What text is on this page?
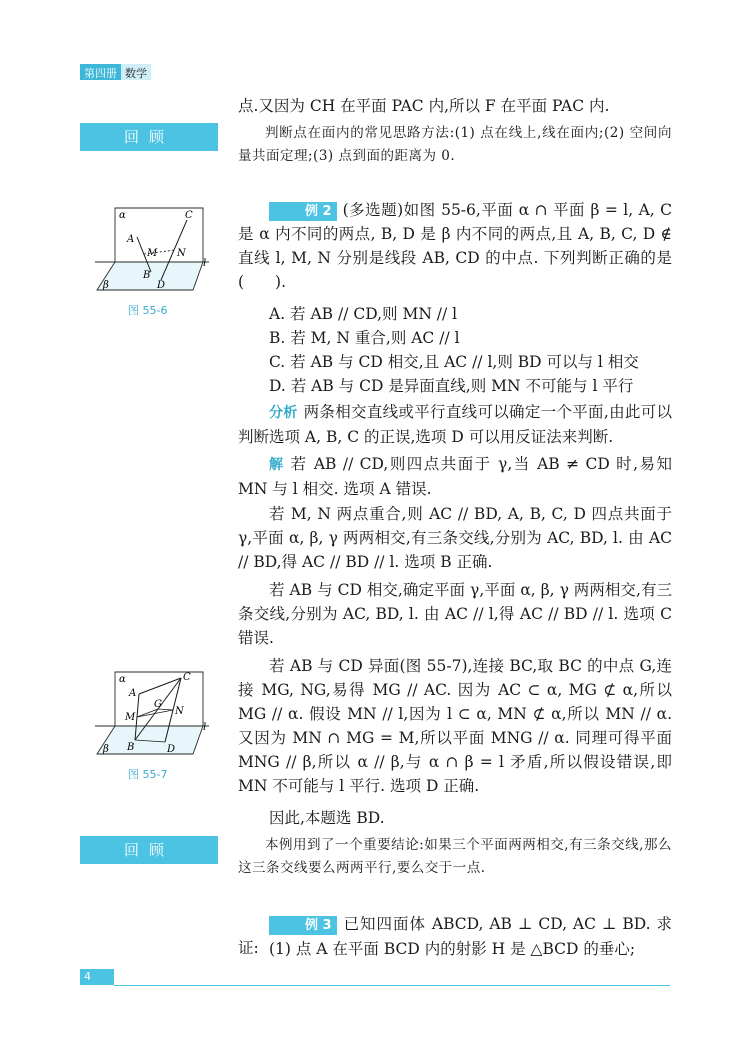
第四册 数学

点.又因为 CH 在平面 PAC 内,所以 F 在平面 PAC 内.

回顾	判断点在面内的常见思路方法:(1) 点在线上,线在面内;(2) 空间向量共面定理;(3) 点到面的距离为 0.

α
A
C
M N
l
B
D
β
图 55-6

例 2 (多选题)如图 55-6,平面 α ∩ 平面 β = l, A, C 是 α 内不同的两点, B, D 是 β 内不同的两点,且 A, B, C, D ∉ 直线 l, M, N 分别是线段 AB, CD 的中点. 下列判断正确的是(　　).

A. 若 AB // CD,则 MN // l

B. 若 M, N 重合,则 AC // l

C. 若 AB 与 CD 相交,且 AC // l,则 BD 可以与 l 相交

D. 若 AB 与 CD 是异面直线,则 MN 不可能与 l 平行

分析 两条相交直线或平行直线可以确定一个平面,由此可以判断选项 A, B, C 的正误,选项 D 可以用反证法来判断.

解 若 AB // CD,则四点共面于 γ,当 AB ≠ CD 时,易知 MN 与 l 相交. 选项 A 错误.

若 M, N 两点重合,则 AC // BD, A, B, C, D 四点共面于 γ,平面 α, β, γ 两两相交,有三条交线,分别为 AC, BD, l. 由 AC // BD,得 AC // BD // l. 选项 B 正确.

若 AB 与 CD 相交,确定平面 γ,平面 α, β, γ 两两相交,有三条交线,分别为 AC, BD, l. 由 AC // l,得 AC // BD // l. 选项 C 错误.

α
A
C
G
M
N
l
B	D
β
图 55-7

若 AB 与 CD 异面(图 55-7),连接 BC,取 BC 的中点 G,连接 MG, NG,易得 MG // AC. 因为 AC ⊂ α, MG ⊄ α,所以 MG // α. 假设 MN // l,因为 l ⊂ α, MN ⊄ α,所以 MN // α. 又因为 MN ∩ MG = M,所以平面 MNG // α. 同理可得平面 MNG // β,所以 α // β,与 α ∩ β = l 矛盾,所以假设错误,即 MN 不可能与 l 平行. 选项 D 正确.

因此,本题选 BD.

回顾	本例用到了一个重要结论:如果三个平面两两相交,有三条交线,那么这三条交线要么两两平行,要么交于一点.

例 3 已知四面体 ABCD, AB ⊥ CD, AC ⊥ BD. 求证: (1) 点 A 在平面 BCD 内的射影 H 是 △BCD 的垂心;

4
